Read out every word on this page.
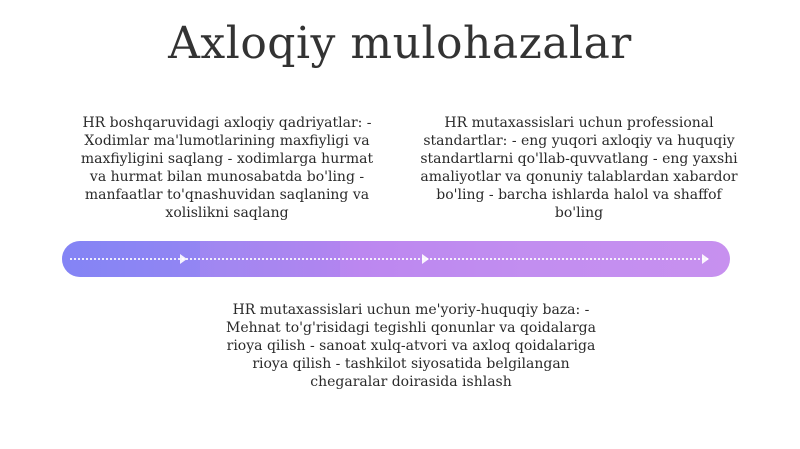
Axloqiy mulohazalar

HR boshqaruvidagi axloqiy qadriyatlar: - Xodimlar ma'lumotlarining maxfiyligi va maxfiyligini saqlang - xodimlarga hurmat va hurmat bilan munosabatda bo'ling - manfaatlar to'qnashuvidan saqlaning va xolislikni saqlang

HR mutaxassislari uchun professional standartlar: - eng yuqori axloqiy va huquqiy standartlarni qo'llab-quvvatlang - eng yaxshi amaliyotlar va qonuniy talablardan xabardor bo'ling - barcha ishlarda halol va shaffof bo'ling

HR mutaxassislari uchun me'yoriy-huquqiy baza: - Mehnat to'g'risidagi tegishli qonunlar va qoidalarga rioya qilish - sanoat xulq-atvori va axloq qoidalariga rioya qilish - tashkilot siyosatida belgilangan chegaralar doirasida ishlash
